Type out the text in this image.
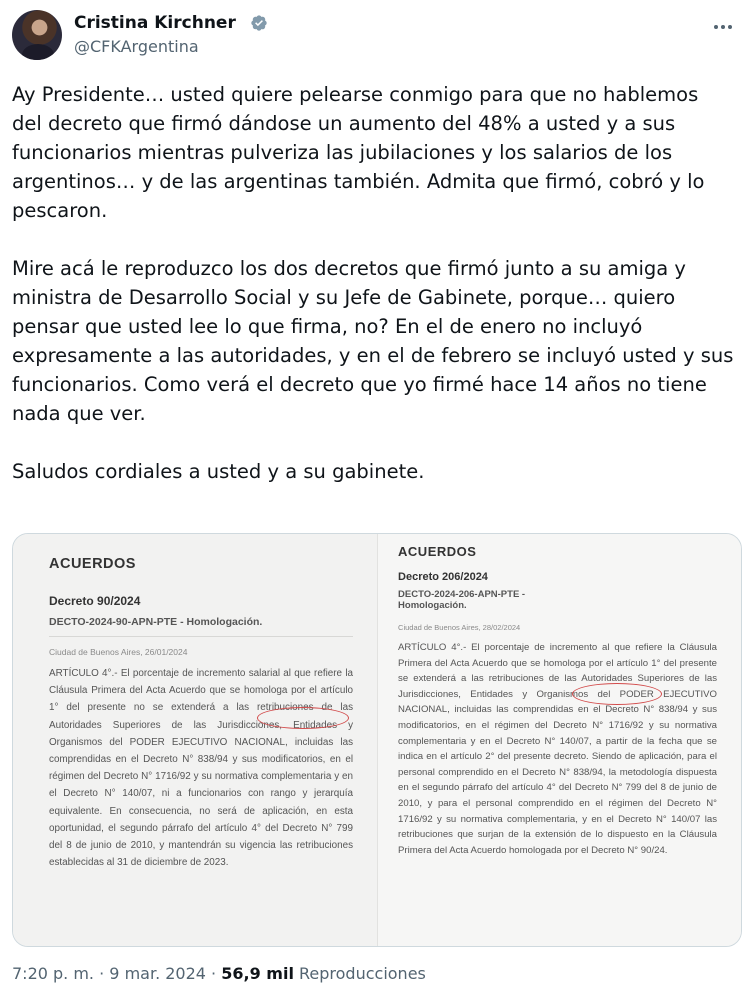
Cristina Kirchner
@CFKArgentina

Ay Presidente… usted quiere pelearse conmigo para que no hablemos del decreto que firmó dándose un aumento del 48% a usted y a sus funcionarios mientras pulveriza las jubilaciones y los salarios de los argentinos… y de las argentinas también. Admita que firmó, cobró y lo pescaron.

Mire acá le reproduzco los dos decretos que firmó junto a su amiga y ministra de Desarrollo Social y su Jefe de Gabinete, porque… quiero pensar que usted lee lo que firma, no? En el de enero no incluyó expresamente a las autoridades, y en el de febrero se incluyó usted y sus funcionarios. Como verá el decreto que yo firmé hace 14 años no tiene nada que ver.

Saludos cordiales a usted y a su gabinete.

ACUERDOS
Decreto 90/2024
DECTO-2024-90-APN-PTE - Homologación.
Ciudad de Buenos Aires, 26/01/2024
ARTÍCULO 4°.- El porcentaje de incremento salarial al que refiere la Cláusula Primera del Acta Acuerdo que se homologa por el artículo 1° del presente no se extenderá a las retribuciones de las Autoridades Superiores de las Jurisdicciones, Entidades y Organismos del PODER EJECUTIVO NACIONAL, incluidas las comprendidas en el Decreto N° 838/94 y sus modificatorios, en el régimen del Decreto N° 1716/92 y su normativa complementaria y en el Decreto N° 140/07, ni a funcionarios con rango y jerarquía equivalente. En consecuencia, no será de aplicación, en esta oportunidad, el segundo párrafo del artículo 4° del Decreto N° 799 del 8 de junio de 2010, y mantendrán su vigencia las retribuciones establecidas al 31 de diciembre de 2023.
ACUERDOS
Decreto 206/2024
DECTO-2024-206-APN-PTE - Homologación.
Ciudad de Buenos Aires, 28/02/2024
ARTÍCULO 4°.- El porcentaje de incremento al que refiere la Cláusula Primera del Acta Acuerdo que se homologa por el artículo 1° del presente se extenderá a las retribuciones de las Autoridades Superiores de las Jurisdicciones, Entidades y Organismos del PODER EJECUTIVO NACIONAL, incluidas las comprendidas en el Decreto N° 838/94 y sus modificatorios, en el régimen del Decreto N° 1716/92 y su normativa complementaria y en el Decreto N° 140/07, a partir de la fecha que se indica en el artículo 2° del presente decreto. Siendo de aplicación, para el personal comprendido en el Decreto N° 838/94, la metodología dispuesta en el segundo párrafo del artículo 4° del Decreto N° 799 del 8 de junio de 2010, y para el personal comprendido en el régimen del Decreto N° 1716/92 y su normativa complementaria, y en el Decreto N° 140/07 las retribuciones que surjan de la extensión de lo dispuesto en la Cláusula Primera del Acta Acuerdo homologada por el Decreto N° 90/24.
7:20 p. m. · 9 mar. 2024 · 56,9 mil Reproducciones
